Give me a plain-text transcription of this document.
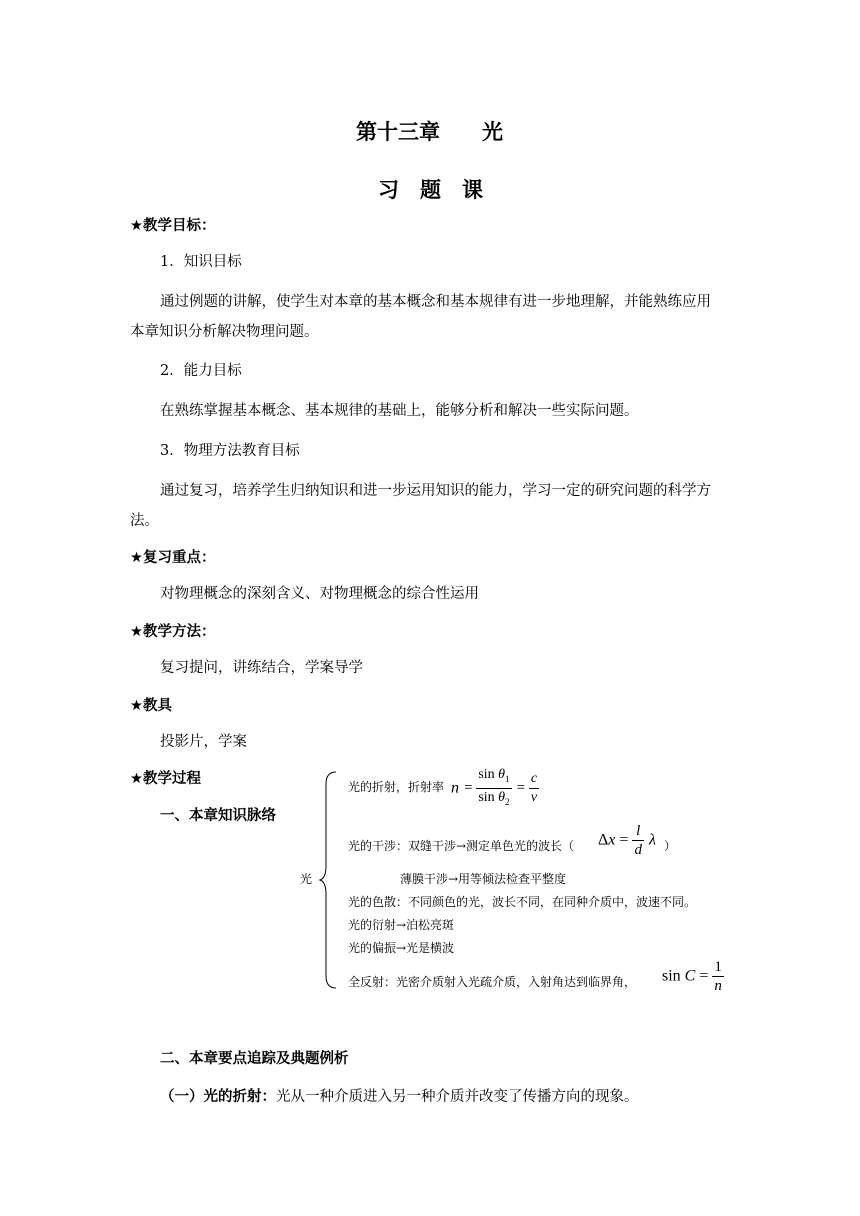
第十三章　　光
习　题　课
★教学目标：
1．知识目标
通过例题的讲解，使学生对本章的基本概念和基本规律有进一步地理解，并能熟练应用
本章知识分析解决物理问题。
2．能力目标
在熟练掌握基本概念、基本规律的基础上，能够分析和解决一些实际问题。
3．物理方法教育目标
通过复习，培养学生归纳知识和进一步运用知识的能力，学习一定的研究问题的科学方
法。
★复习重点：
对物理概念的深刻含义、对物理概念的综合性运用
★教学方法：
复习提问，讲练结合，学案导学
★教具
投影片，学案
★教学过程
一、本章知识脉络
光
光的折射，折射率 $n = \frac{\sin \theta_1}{\sin \theta_2} = \frac{c}{v}$
光的干涉：双缝干涉→测定单色光的波长（ $\Delta x = \frac{l}{d}$ λ ）
薄膜干涉→用等倾法检查平整度
光的色散：不同颜色的光，波长不同，在同种介质中，波速不同。
光的衍射→泊松亮斑
光的偏振→光是横波
全反射：光密介质射入光疏介质，入射角达到临界角， $\sin C = \frac{1}{n}$
二、本章要点追踪及典题例析
（一）光的折射：光从一种介质进入另一种介质并改变了传播方向的现象。
